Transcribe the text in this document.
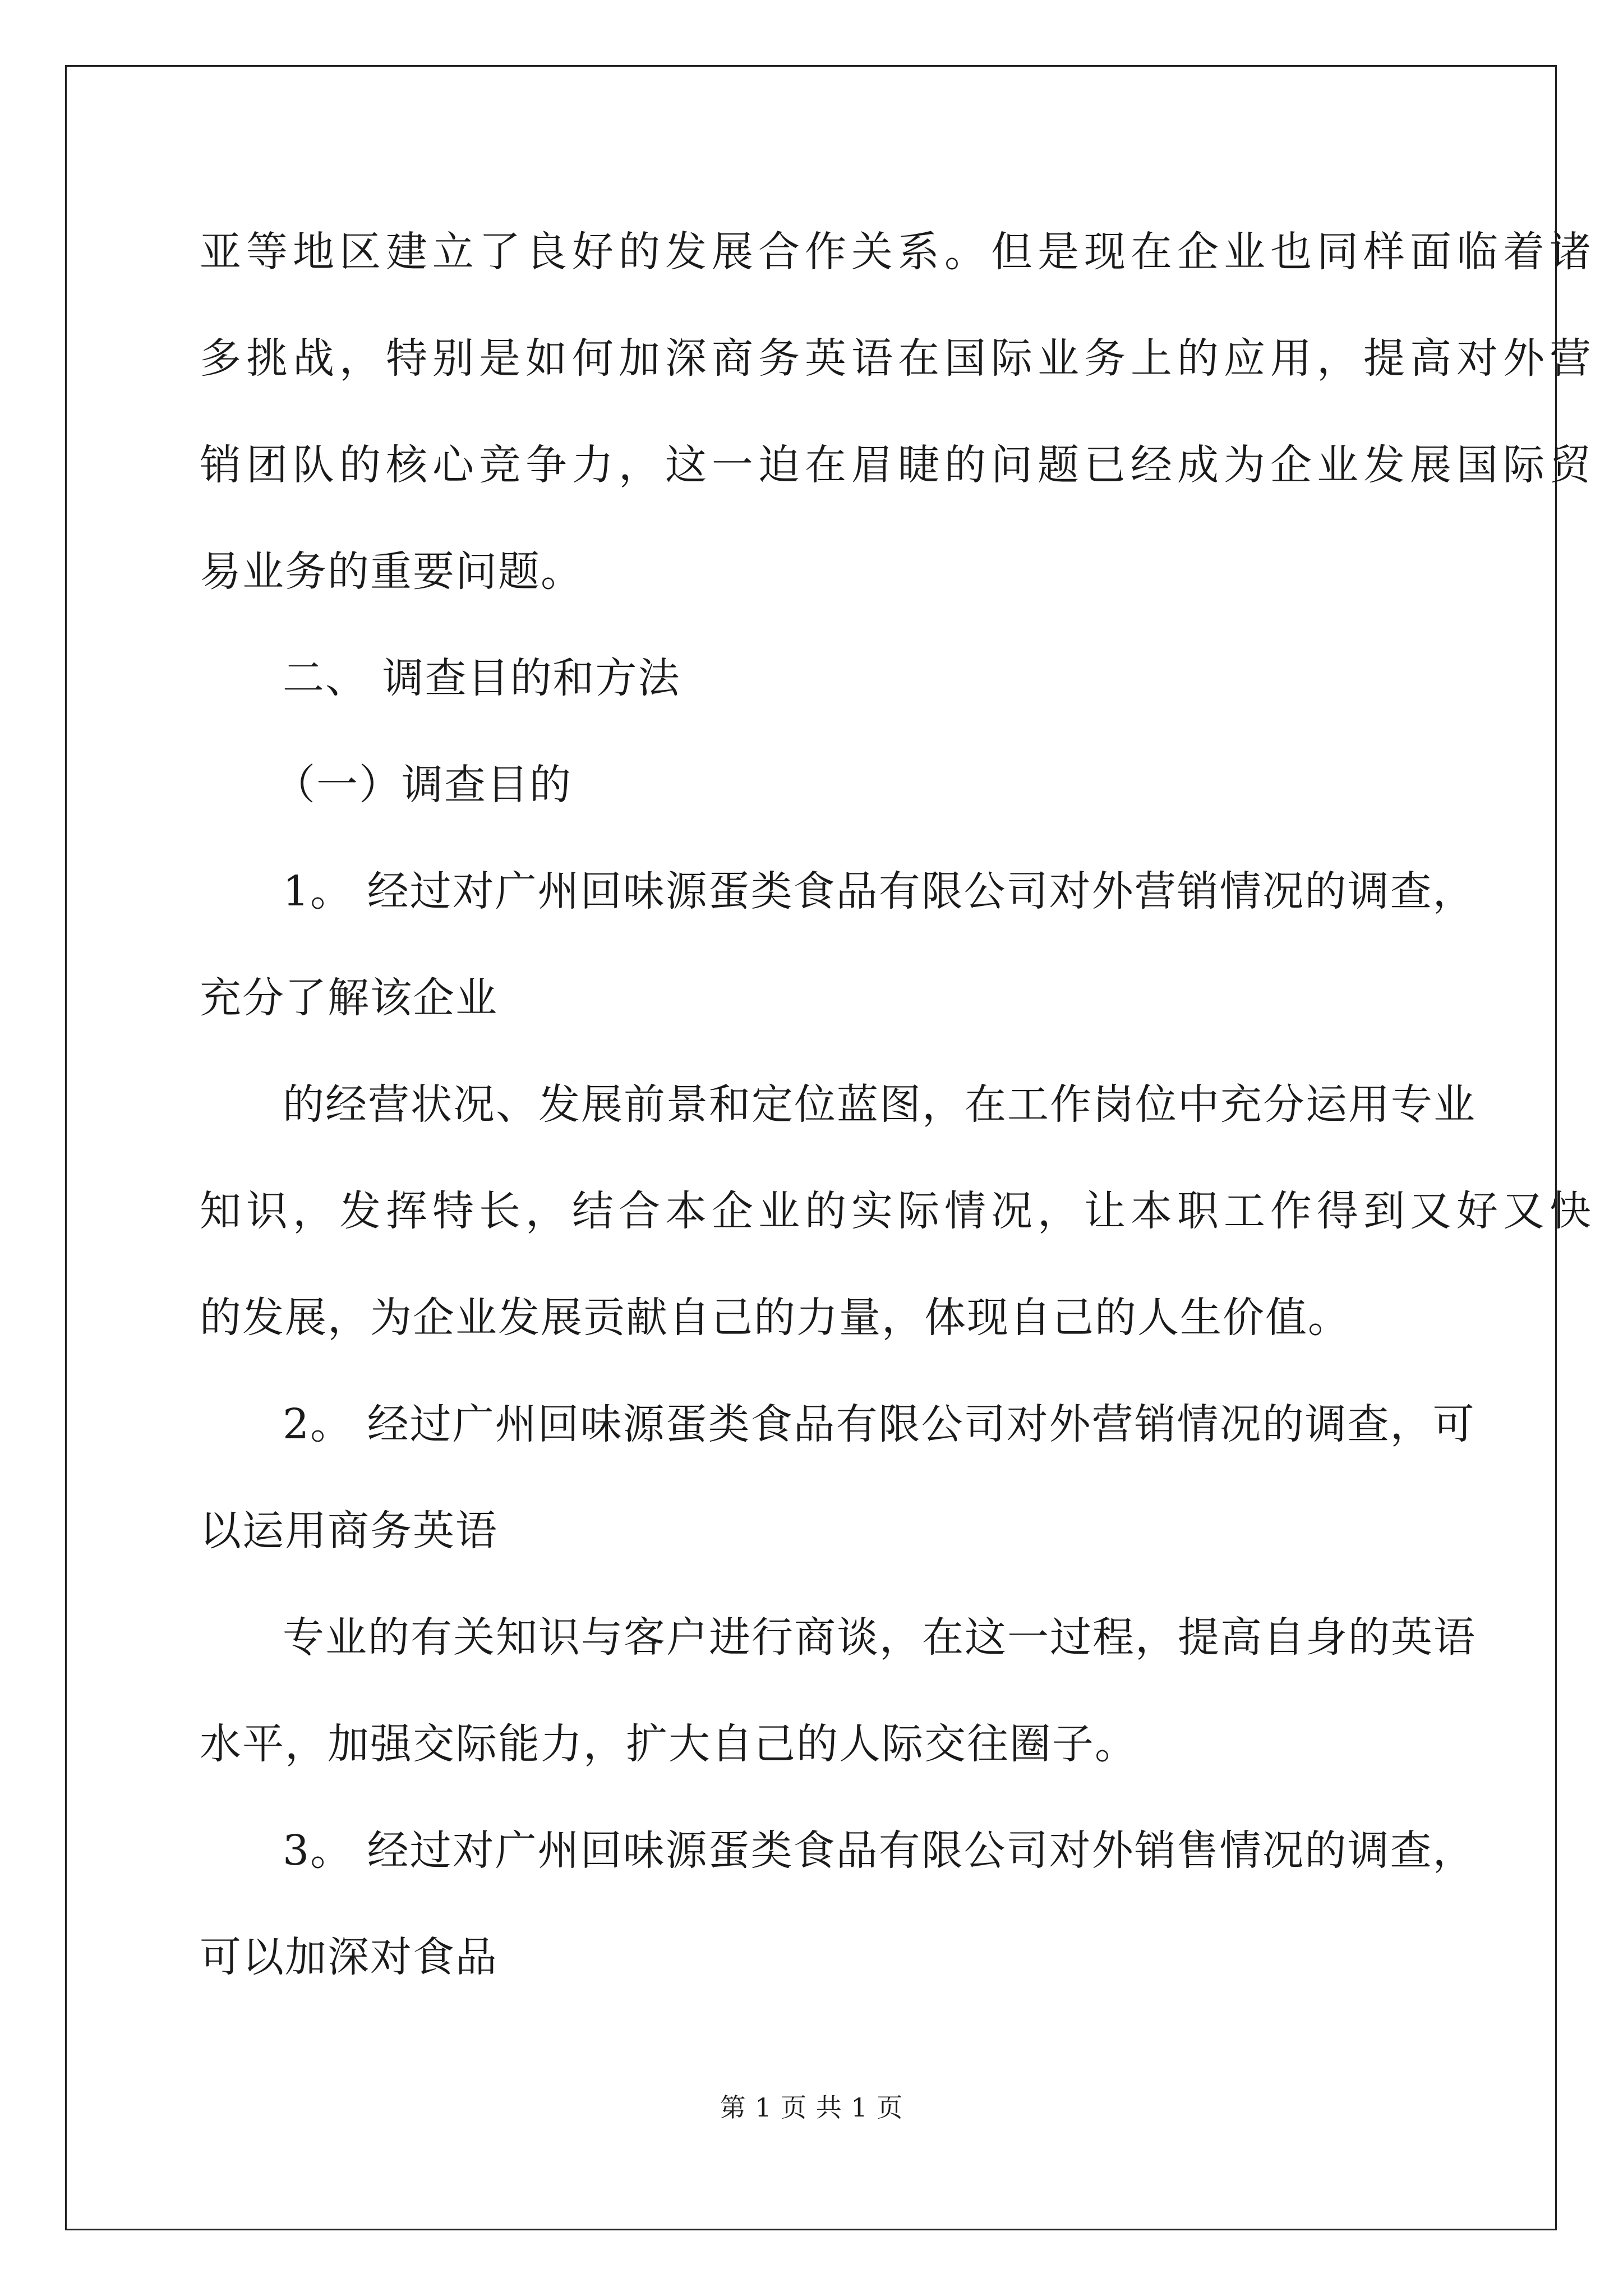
亚等地区建立了良好的发展合作关系。但是现在企业也同样面临着诸
多挑战，特别是如何加深商务英语在国际业务上的应用，提高对外营
销团队的核心竞争力，这一迫在眉睫的问题已经成为企业发展国际贸
易业务的重要问题。
二、 调查目的和方法
（一）调查目的
1。 经过对广州回味源蛋类食品有限公司对外营销情况的调查，
充分了解该企业
的经营状况、发展前景和定位蓝图，在工作岗位中充分运用专业
知识，发挥特长，结合本企业的实际情况，让本职工作得到又好又快
的发展，为企业发展贡献自己的力量，体现自己的人生价值。
2。 经过广州回味源蛋类食品有限公司对外营销情况的调查，可
以运用商务英语
专业的有关知识与客户进行商谈，在这一过程，提高自身的英语
水平，加强交际能力，扩大自己的人际交往圈子。
3。 经过对广州回味源蛋类食品有限公司对外销售情况的调查，
可以加深对食品
第 1 页 共 1 页
